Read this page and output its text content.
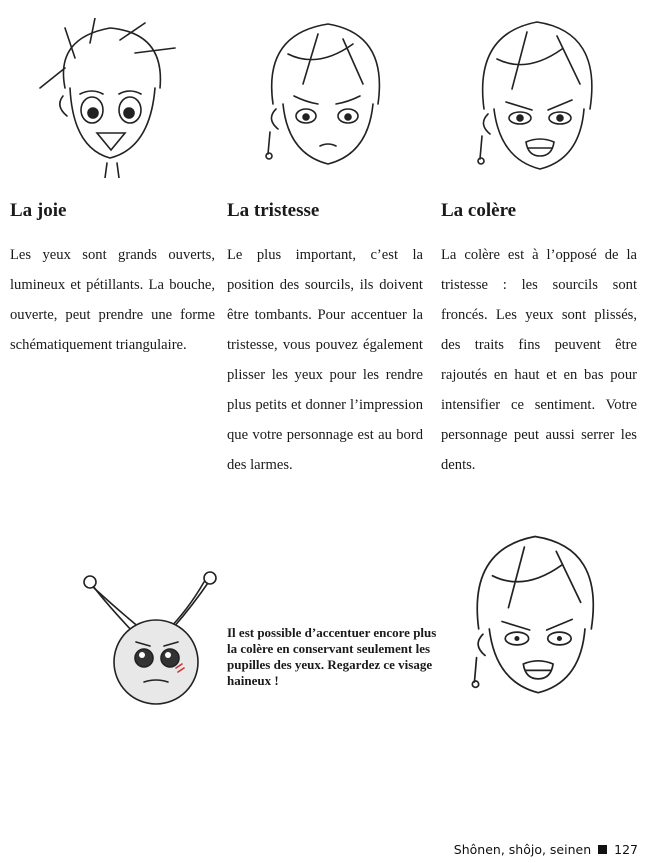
La joie

Les yeux sont grands ouverts, lumineux et pétillants. La bouche, ouverte, peut prendre une forme schématiquement triangulaire.

La tristesse

Le plus important, c’est la position des sourcils, ils doivent être tombants. Pour accentuer la tristesse, vous pouvez également plisser les yeux pour les rendre plus petits et donner l’impression que votre personnage est au bord des larmes.

La colère

La colère est à l’opposé de la tristesse : les sourcils sont froncés. Les yeux sont plissés, des traits fins peuvent être rajoutés en haut et en bas pour intensifier ce sentiment. Votre personnage peut aussi serrer les dents.

Il est possible d’accentuer encore plus la colère en conservant seulement les pupilles des yeux. Regardez ce visage haineux !
Shônen, shôjo, seinen 127
